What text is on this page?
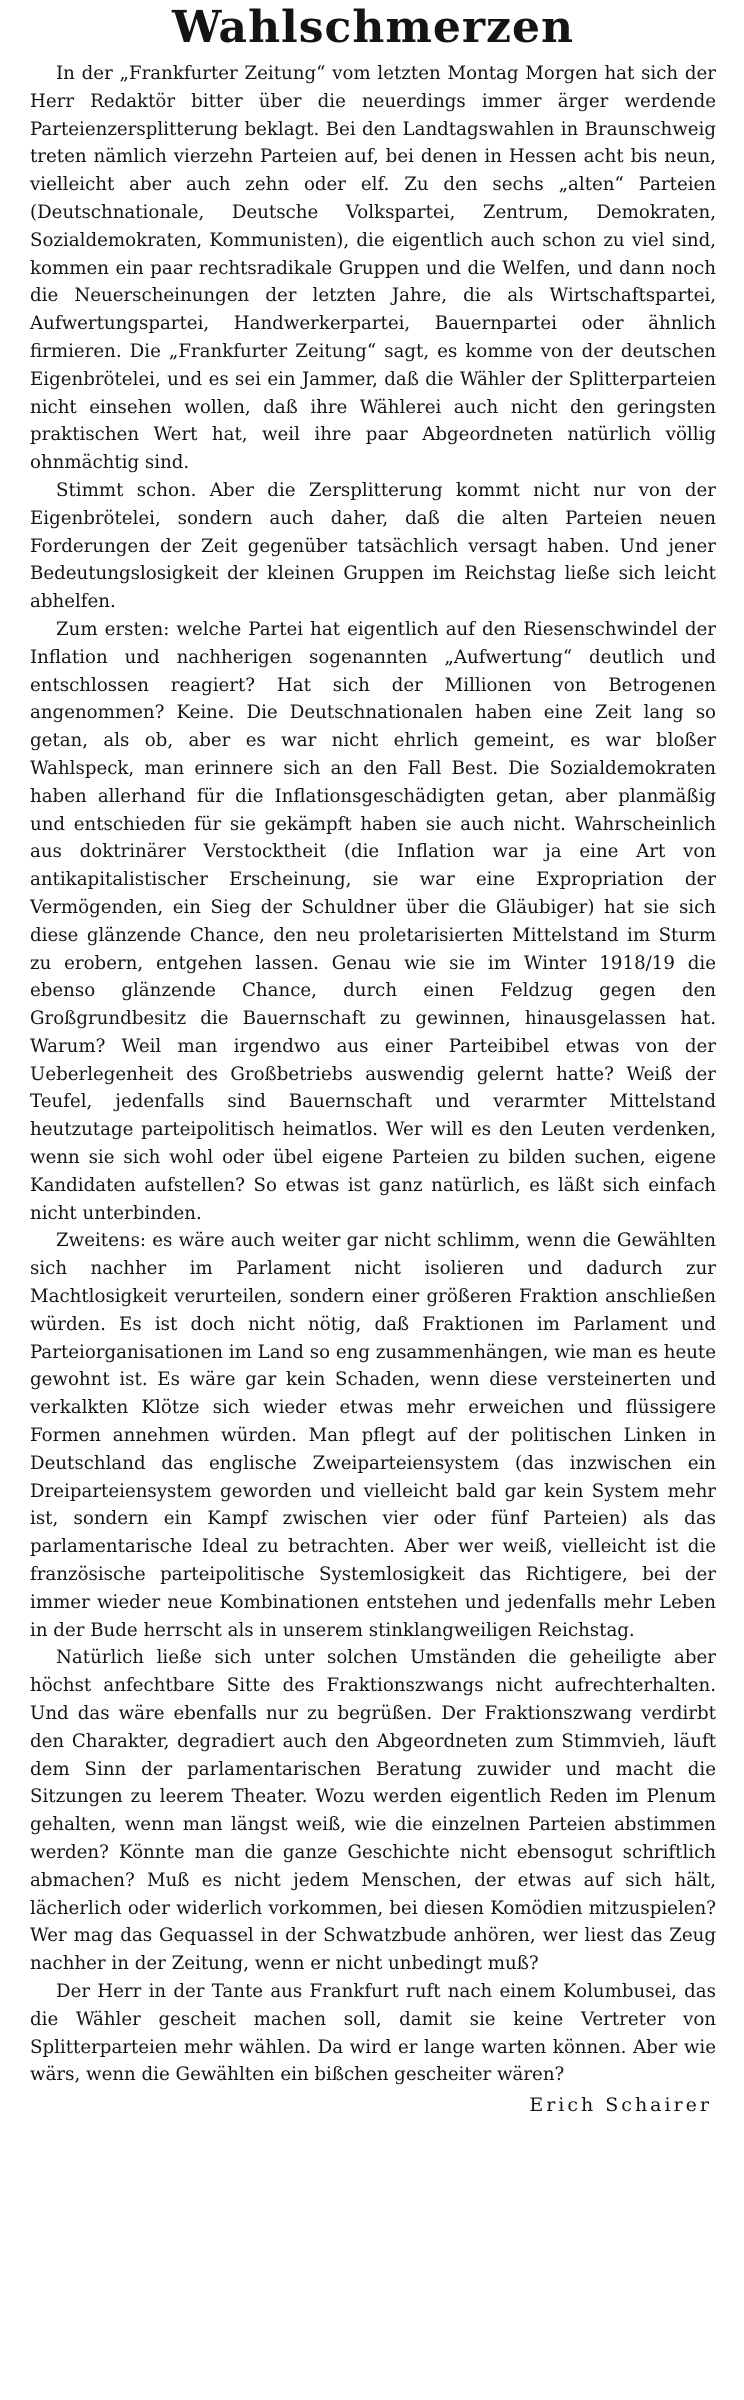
Wahlschmerzen

In der „Frankfurter Zeitung“ vom letzten Montag Morgen hat sich der Herr Redaktör bitter über die neuerdings immer ärger werdende Parteienzersplitterung beklagt. Bei den Landtagswahlen in Braunschweig treten nämlich vierzehn Parteien auf, bei denen in Hessen acht bis neun, vielleicht aber auch zehn oder elf. Zu den sechs „alten“ Parteien (Deutschnationale, Deutsche Volkspartei, Zentrum, Demokraten, Sozialdemokraten, Kommunisten), die eigentlich auch schon zu viel sind, kommen ein paar rechtsradikale Gruppen und die Welfen, und dann noch die Neuerscheinungen der letzten Jahre, die als Wirtschaftspartei, Aufwertungspartei, Handwerkerpartei, Bauernpartei oder ähnlich firmieren. Die „Frankfurter Zeitung“ sagt, es komme von der deutschen Eigenbrötelei, und es sei ein Jammer, daß die Wähler der Splitterparteien nicht einsehen wollen, daß ihre Wählerei auch nicht den geringsten praktischen Wert hat, weil ihre paar Abgeordneten natürlich völlig ohnmächtig sind.

Stimmt schon. Aber die Zersplitterung kommt nicht nur von der Eigenbrötelei, sondern auch daher, daß die alten Parteien neuen Forderungen der Zeit gegenüber tatsächlich versagt haben. Und jener Bedeutungslosigkeit der kleinen Gruppen im Reichstag ließe sich leicht abhelfen.

Zum ersten: welche Partei hat eigentlich auf den Riesenschwindel der Inflation und nachherigen sogenannten „Aufwertung“ deutlich und entschlossen reagiert? Hat sich der Millionen von Betrogenen angenommen? Keine. Die Deutschnationalen haben eine Zeit lang so getan, als ob, aber es war nicht ehrlich gemeint, es war bloßer Wahlspeck, man erinnere sich an den Fall Best. Die Sozialdemokraten haben allerhand für die Inflationsgeschädigten getan, aber planmäßig und entschieden für sie gekämpft haben sie auch nicht. Wahrscheinlich aus doktrinärer Verstocktheit (die Inflation war ja eine Art von antikapitalistischer Erscheinung, sie war eine Expropriation der Vermögenden, ein Sieg der Schuldner über die Gläubiger) hat sie sich diese glänzende Chance, den neu proletarisierten Mittelstand im Sturm zu erobern, entgehen lassen. Genau wie sie im Winter 1918/19 die ebenso glänzende Chance, durch einen Feldzug gegen den Großgrundbesitz die Bauernschaft zu gewinnen, hinausgelassen hat. Warum? Weil man irgendwo aus einer Parteibibel etwas von der Ueberlegenheit des Großbetriebs auswendig gelernt hatte? Weiß der Teufel, jedenfalls sind Bauernschaft und verarmter Mittelstand heutzutage parteipolitisch heimatlos. Wer will es den Leuten verdenken, wenn sie sich wohl oder übel eigene Parteien zu bilden suchen, eigene Kandidaten aufstellen? So etwas ist ganz natürlich, es läßt sich einfach nicht unterbinden.

Zweitens: es wäre auch weiter gar nicht schlimm, wenn die Gewählten sich nachher im Parlament nicht isolieren und dadurch zur Machtlosigkeit verurteilen, sondern einer größeren Fraktion anschließen würden. Es ist doch nicht nötig, daß Fraktionen im Parlament und Parteiorganisationen im Land so eng zusammenhängen, wie man es heute gewohnt ist. Es wäre gar kein Schaden, wenn diese versteinerten und verkalkten Klötze sich wieder etwas mehr erweichen und flüssigere Formen annehmen würden. Man pflegt auf der politischen Linken in Deutschland das englische Zweiparteiensystem (das inzwischen ein Dreiparteiensystem geworden und vielleicht bald gar kein System mehr ist, sondern ein Kampf zwischen vier oder fünf Parteien) als das parlamentarische Ideal zu betrachten. Aber wer weiß, vielleicht ist die französische parteipolitische Systemlosigkeit das Richtigere, bei der immer wieder neue Kombinationen entstehen und jedenfalls mehr Leben in der Bude herrscht als in unserem stinklangweiligen Reichstag.

Natürlich ließe sich unter solchen Umständen die geheiligte aber höchst anfechtbare Sitte des Fraktionszwangs nicht aufrechterhalten. Und das wäre ebenfalls nur zu begrüßen. Der Fraktionszwang verdirbt den Charakter, degradiert auch den Abgeordneten zum Stimmvieh, läuft dem Sinn der parlamentarischen Beratung zuwider und macht die Sitzungen zu leerem Theater. Wozu werden eigentlich Reden im Plenum gehalten, wenn man längst weiß, wie die einzelnen Parteien abstimmen werden? Könnte man die ganze Geschichte nicht ebensogut schriftlich abmachen? Muß es nicht jedem Menschen, der etwas auf sich hält, lächerlich oder widerlich vorkommen, bei diesen Komödien mitzuspielen? Wer mag das Gequassel in der Schwatzbude anhören, wer liest das Zeug nachher in der Zeitung, wenn er nicht unbedingt muß?

Der Herr in der Tante aus Frankfurt ruft nach einem Kolumbusei, das die Wähler gescheit machen soll, damit sie keine Vertreter von Splitterparteien mehr wählen. Da wird er lange warten können. Aber wie wärs, wenn die Gewählten ein bißchen gescheiter wären?

Erich Schairer
